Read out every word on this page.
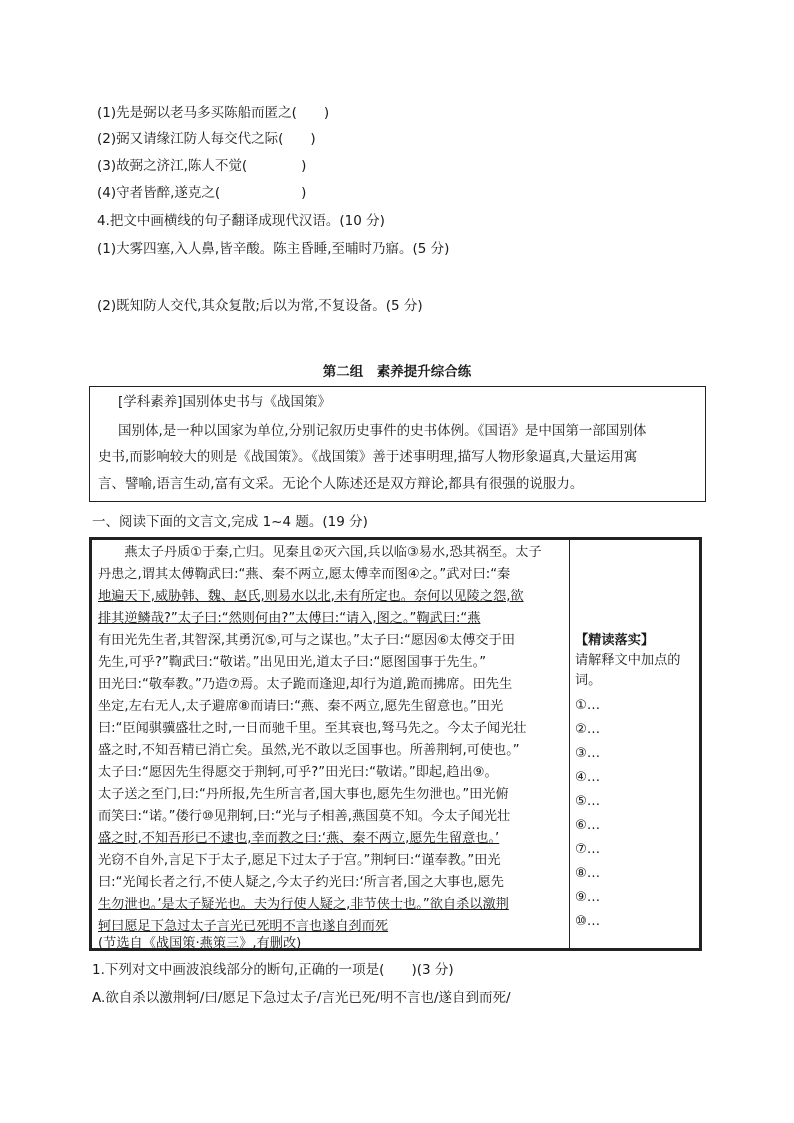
(1)先是弼以老马多买陈船而匿之(　　)
(2)弼又请缘江防人每交代之际(　　)
(3)故弼之济江,陈人不觉(　　　　)
(4)守者皆醉,遂克之(　　　　　　)
4.把文中画横线的句子翻译成现代汉语。(10 分)
(1)大雾四塞,入人鼻,皆辛酸。陈主昏睡,至晡时乃寤。(5 分)
(2)既知防人交代,其众复散;后以为常,不复设备。(5 分)
第二组　素养提升综合练
[学科素养]国别体史书与《战国策》
国别体,是一种以国家为单位,分别记叙历史事件的史书体例。《国语》是中国第一部国别体
史书,而影响较大的则是《战国策》。《战国策》善于述事明理,描写人物形象逼真,大量运用寓
言、譬喻,语言生动,富有文采。无论个人陈述还是双方辩论,都具有很强的说服力。
一、阅读下面的文言文,完成 1~4 题。(19 分)
　　燕太子丹质①于秦,亡归。见秦且②灭六国,兵以临③易水,恐其祸至。太子
丹患之,谓其太傅鞫武曰:“燕、秦不两立,愿太傅幸而图④之。”武对曰:“秦
地遍天下,威胁韩、魏、赵氏,则易水以北,未有所定也。奈何以见陵之怨,欲
排其逆鳞哉?”太子曰:“然则何由?”太傅曰:“请入,图之。”鞫武曰:“燕
有田光先生者,其智深,其勇沉⑤,可与之谋也。”太子曰:“愿因⑥太傅交于田
先生,可乎?”鞫武曰:“敬诺。”出见田光,道太子曰:“愿图国事于先生。”
田光曰:“敬奉教。”乃造⑦焉。太子跪而逢迎,却行为道,跪而拂席。田先生
坐定,左右无人,太子避席⑧而请曰:“燕、秦不两立,愿先生留意也。”田光
曰:“臣闻骐骥盛壮之时,一日而驰千里。至其衰也,驽马先之。今太子闻光壮
盛之时,不知吾精已消亡矣。虽然,光不敢以乏国事也。所善荆轲,可使也。”
太子曰:“愿因先生得愿交于荆轲,可乎?”田光曰:“敬诺。”即起,趋出⑨。
太子送之至门,曰:“丹所报,先生所言者,国大事也,愿先生勿泄也。”田光俯
而笑曰:“诺。”偻行⑩见荆轲,曰:“光与子相善,燕国莫不知。今太子闻光壮
盛之时,不知吾形已不逮也,幸而教之曰:‘燕、秦不两立,愿先生留意也。’
光窃不自外,言足下于太子,愿足下过太子于宫。”荆轲曰:“谨奉教。”田光
曰:“光闻长者之行,不使人疑之,今太子约光曰:‘所言者,国之大事也,愿先
生勿泄也。’是太子疑光也。夫为行使人疑之,非节侠士也。”欲自杀以激荆
轲曰愿足下急过太子言光已死明不言也遂自刭而死
(节选自《战国策·燕策三》,有删改)
【精读落实】
请解释文中加点的
词。
①…
②…
③…
④…
⑤…
⑥…
⑦…
⑧…
⑨…
⑩…
1.下列对文中画波浪线部分的断句,正确的一项是(　　)(3 分)
A.欲自杀以激荆轲/曰/愿足下急过太子/言光已死/明不言也/遂自到而死/
